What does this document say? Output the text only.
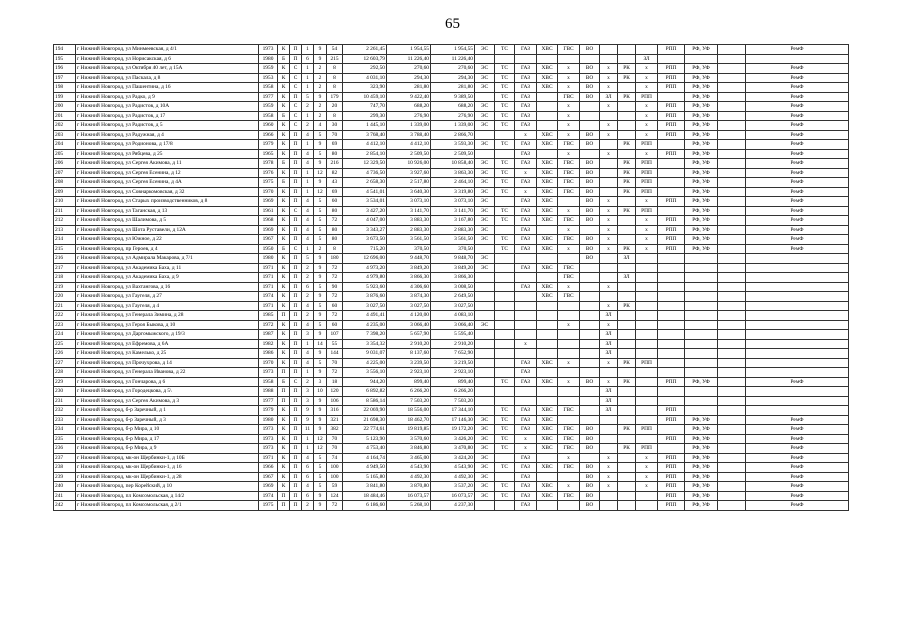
65
194	г Нижний Новгород, ул Минмеевская, д 4/1	1973	К	П	1	9	54	2 261,45	1 954,55	1 954,55	ЭС	ТС	ГАЗ	ХВС	ГВС	ВО				РПП	РФ, УФ		РемФ
195	г Нижний Новгород, ул Норисакская, д 6	1980	Б	П	6	9	215	12 603,79	11 226,40	11 226,40									ЗЛ				
196	г Нижний Новгород, ул Октября 40 лет, д 15А	1959	К	С	1	2	8	292,50	270,60	270,60	ЭС	ТС	ГАЗ	ХВС	х	ВО	х	РК	х	РПП	РФ, УФ		РемФ
197	г Нижний Новгород, ул Паскала, д 8	1953	К	С	1	2	8	4 031,10	294,30	294,30	ЭС	ТС	ГАЗ	ХВС	х	ВО	х	РК	х	РПП	РФ, УФ		РемФ
198	г Нижний Новгород, ул Пашентина, д 16	1958	К	С	1	2	8	323,90	281,80	281,80	ЭС	ТС	ГАЗ	ХВС	х	ВО	х		х	РПП	РФ, УФ		РемФ
199	г Нижний Новгород, ул Радко, д 9	1977	К	П	5	9	179	10 459,10	9 422,40	9 389,50		ТС	ГАЗ		ГВС	ВО	ЗЛ	РК	РПП		РФ, УФ		РемФ
200	г Нижний Новгород, ул Радистов, д 10А	1959	К	С	2	2	20	747,70	688,20	688,20	ЭС	ТС	ГАЗ		х		х		х	РПП	РФ, УФ		РемФ
201	г Нижний Новгород, ул Радистов, д 17	1958	Б	С	1	2	8	299,30	276,90	276,90	ЭС	ТС	ГАЗ		х				х	РПП	РФ, УФ		РемФ
202	г Нижний Новгород, ул Радистов, д 5	1960	К	С	2	4	30	1 445,10	1 339,00	1 339,00	ЭС	ТС	ГАЗ		х		х		х	РПП	РФ, УФ		РемФ
203	г Нижний Новгород, ул Радужная, д 4	1966	К	П	4	5	70	3 768,40	3 788,40	2 866,70			х	ХВС	х	ВО	х		х	РПП	РФ, УФ		РемФ
204	г Нижний Новгород, ул Родионова, д 17/8	1979	К	П	1	9	69	4 412,10	4 412,10	3 593,30	ЭС	ТС	ГАЗ	ХВС	ГВС	ВО		РК	РПП		РФ, УФ		РемФ
205	г Нижний Новгород, ул Рябцева, д 25	1965	К	П	4	5	80	2 854,10	2 509,50	2 509,50			ГАЗ		х		х		х	РПП	РФ, УФ		РемФ
206	г Нижний Новгород, ул Сергея Акимова, д 11	1978	Б	П	4	9	216	12 329,50	10 926,00	10 858,40	ЭС	ТС	ГАЗ	ХВС	ГВС	ВО		РК	РПП		РФ, УФ		РемФ
207	г Нижний Новгород, ул Сергея Есенина, д 12	1976	К	П	1	12	82	4 736,50	3 927,60	3 863,30	ЭС	ТС	х	ХВС	ГВС	ВО		РК	РПП		РФ, УФ		РемФ
208	г Нижний Новгород, ул Сергея Есенина, д 4А	1975	Б	П	1	9	43	2 658,30	2 517,80	2 464,10	ЭС	ТС	ГАЗ	ХВС	ГВС	ВО		РК	РПП		РФ, УФ		РемФ
209	г Нижний Новгород, ул Совнаркомовская, д 32	1970	К	П	1	12	69	4 541,01	3 640,30	3 319,80	ЭС	ТС	х	ХВС	ГВС	ВО		РК	РПП		РФ, УФ		РемФ
210	г Нижний Новгород, ул Старых производственников, д 8	1969	К	П	4	5	60	3 534,01	3 073,10	3 073,10	ЭС		ГАЗ	ХВС		ВО	х		х	РПП	РФ, УФ		РемФ
211	г Нижний Новгород, ул Таганская, д 13	1961	К	С	4	5	80	3 427,20	3 141,70	3 141,70	ЭС	ТС	ГАЗ	ХВС	х	ВО	х	РК	РПП		РФ, УФ		РемФ
212	г Нижний Новгород, ул Шалимова, д 5	1968	К	П	4	5	72	4 047,00	3 883,30	3 167,80	ЭС	ТС	ГАЗ	ХВС	ГВС	ВО	х		х	РПП	РФ, УФ		РемФ
213	г Нижний Новгород, ул Шота Руставели, д 12А	1969	К	П	4	5	80	3 343,27	2 883,30	2 883,30	ЭС		ГАЗ		х		х		х	РПП	РФ, УФ		РемФ
214	г Нижний Новгород, ул Южное, д 22	1967	К	П	4	5	80	3 673,50	3 561,50	3 561,50	ЭС	ТС	ГАЗ	ХВС	ГВС	ВО	х		х	РПП	РФ, УФ		РемФ
215	г Нижний Новгород, пр Героев, д 4	1950	Б	С	1	2	8	715,20	370,50	370,50		ТС	ГАЗ	ХВС	х	ВО	х	РК	х	РПП	РФ, УФ		РемФ
216	г Нижний Новгород, ул Адмирала Макарова, д 7/1	1980	К	П	5	9	180	12 696,00	9 448,70	9 848,70	ЭС					ВО		ЗЛ					
217	г Нижний Новгород, ул Академика Баха, д 11	1971	К	П	2	9	72	4 973,20	3 849,20	3 849,20	ЭС		ГАЗ	ХВС	ГВС								
218	г Нижний Новгород, ул Академика Баха, д 9	1971	К	П	2	9	72	4 979,80	3 866,30	3 866,30					ГВС			ЗЛ					
219	г Нижний Новгород, ул Вахтангова, д 16	1971	К	П	6	5	90	5 923,60	4 306,60	3 008,50			ГАЗ	ХВС	х		х						
220	г Нижний Новгород, ул Гаугеля, д 27	1974	К	П	2	9	72	3 876,60	3 874,30	2 649,50				ХВС	ГВС								
221	г Нижний Новгород, ул Гаугеля, д 4	1971	К	П	4	5	60	3 027,50	3 027,50	3 027,50							х	РК					
222	г Нижний Новгород, ул Генерала Зимина, д 28	1985	П	П	2	9	72	4 491,41	4 120,00	4 083,10							ЗЛ						
223	г Нижний Новгород, ул Героя Быкова, д 10	1972	К	П	4	5	60	4 235,00	3 066,40	3 066,40	ЭС				х		х						
224	г Нижний Новгород, ул Даргомыжского, д 19/3	1987	К	П	3	9	107	7 398,20	5 657,90	5 595,40							ЗЛ						
225	г Нижний Новгород, ул Ефремова, д 6А	1982	К	П	1	14	55	3 354,32	2 910,20	2 910,20			х				ЗЛ						
226	г Нижний Новгород, ул Камелько, д 25	1986	К	П	4	9	144	9 031,07	8 137,60	7 652,90							ЗЛ						
227	г Нижний Новгород, ул Прочухрова, д 14	1970	К	П	4	5	70	4 225,00	3 239,50	3 219,50			ГАЗ	ХВС	х		х	РК	РПП				
228	г Нижний Новгород, ул Генерала Иванова, д 22	1973	П	П	1	9	72	3 556,10	2 923,10	2 923,10			ГАЗ										
229	г Нижний Новгород, ул Гончарова, д 6	1958	Б	С	2	3	18	944,20	899,40	899,40		ТС	ГАЗ	ХВС	х	ВО	х	РК		РПП	РФ, УФ		РемФ
230	г Нижний Новгород, ул Городецкова, д 5\	1988	П	П	3	10	120	6 892,82	6 266,20	6 266,20							ЗЛ						
231	г Нижний Новгород, ул Сергея Акимова, д 3	1977	П	П	3	9	106	8 586,14	7 503,20	7 503,20							ЗЛ						
232	г Нижний Новгород, б-р Заречный, д 1	1979	К	П	9	9	316	22 069,90	18 556,00	17 344,10		ТС	ГАЗ	ХВС	ГВС		ЗЛ			РПП			
233	г Нижний Новгород, б-р Заречный, д 3	1980	К	П	9	9	321	21 698,30	18 462,70	17 146,30	ЭС	ТС	ГАЗ	ХВС						РПП	РФ, УФ		РемФ
234	г Нижний Новгород, б-р Мира, д 10	1973	К	П	11	9	382	22 774,61	19 819,85	19 172,20	ЭС	ТС	ГАЗ	ХВС	ГВС	ВО		РК	РПП		РФ, УФ		РемФ
235	г Нижний Новгород, б-р Мира, д 17	1973	К	П	1	12	70	5 123,90	3 570,60	3 426,20	ЭС	ТС	х	ХВС	ГВС	ВО				РПП	РФ, УФ		РемФ
236	г Нижний Новгород, б-р Мира, д 9	1973	К	П	1	12	70	4 753,40	3 846,80	3 470,80	ЭС	ТС	х	ХВС	ГВС	ВО		РК	РПП		РФ, УФ		РемФ
237	г Нижний Новгород, мк-он Щербинки-1, д 10Б	1971	К	П	4	5	74	4 164,74	3 465,00	3 424,20	ЭС		ГАЗ		х		х		х	РПП	РФ, УФ		РемФ
238	г Нижний Новгород, мк-он Щербинки-1, д 16	1966	К	П	6	5	100	4 949,50	4 543,90	4 543,90	ЭС	ТС	ГАЗ	ХВС	ГВС	ВО	х		х	РПП	РФ, УФ		РемФ
239	г Нижний Новгород, мк-он Щербинки-1, д 28	1967	К	П	6	5	100	5 165,80	4 492,30	4 492,30	ЭС		ГАЗ			ВО	х		х	РПП	РФ, УФ		РемФ
240	г Нижний Новгород, пер Корейский, д 10	1969	К	П	4	5	59	3 841,80	3 870,80	3 537,20	ЭС	ТС	ГАЗ	ХВС	х	ВО	х		х	РПП	РФ, УФ		РемФ
241	г Нижний Новгород, пл Комсомольская, д 14/2	1974	П	П	6	9	124	18 484,46	16 073,57	16 073,57	ЭС	ТС	ГАЗ	ХВС	ГВС	ВО				РПП	РФ, УФ		РемФ
242	г Нижний Новгород, пл Комсомольская, д 2/1	1975	П	П	2	9	72	6 186,60	5 268,10	4 237,30			ГАЗ			ВО				РПП	РФ, УФ		РемФ
